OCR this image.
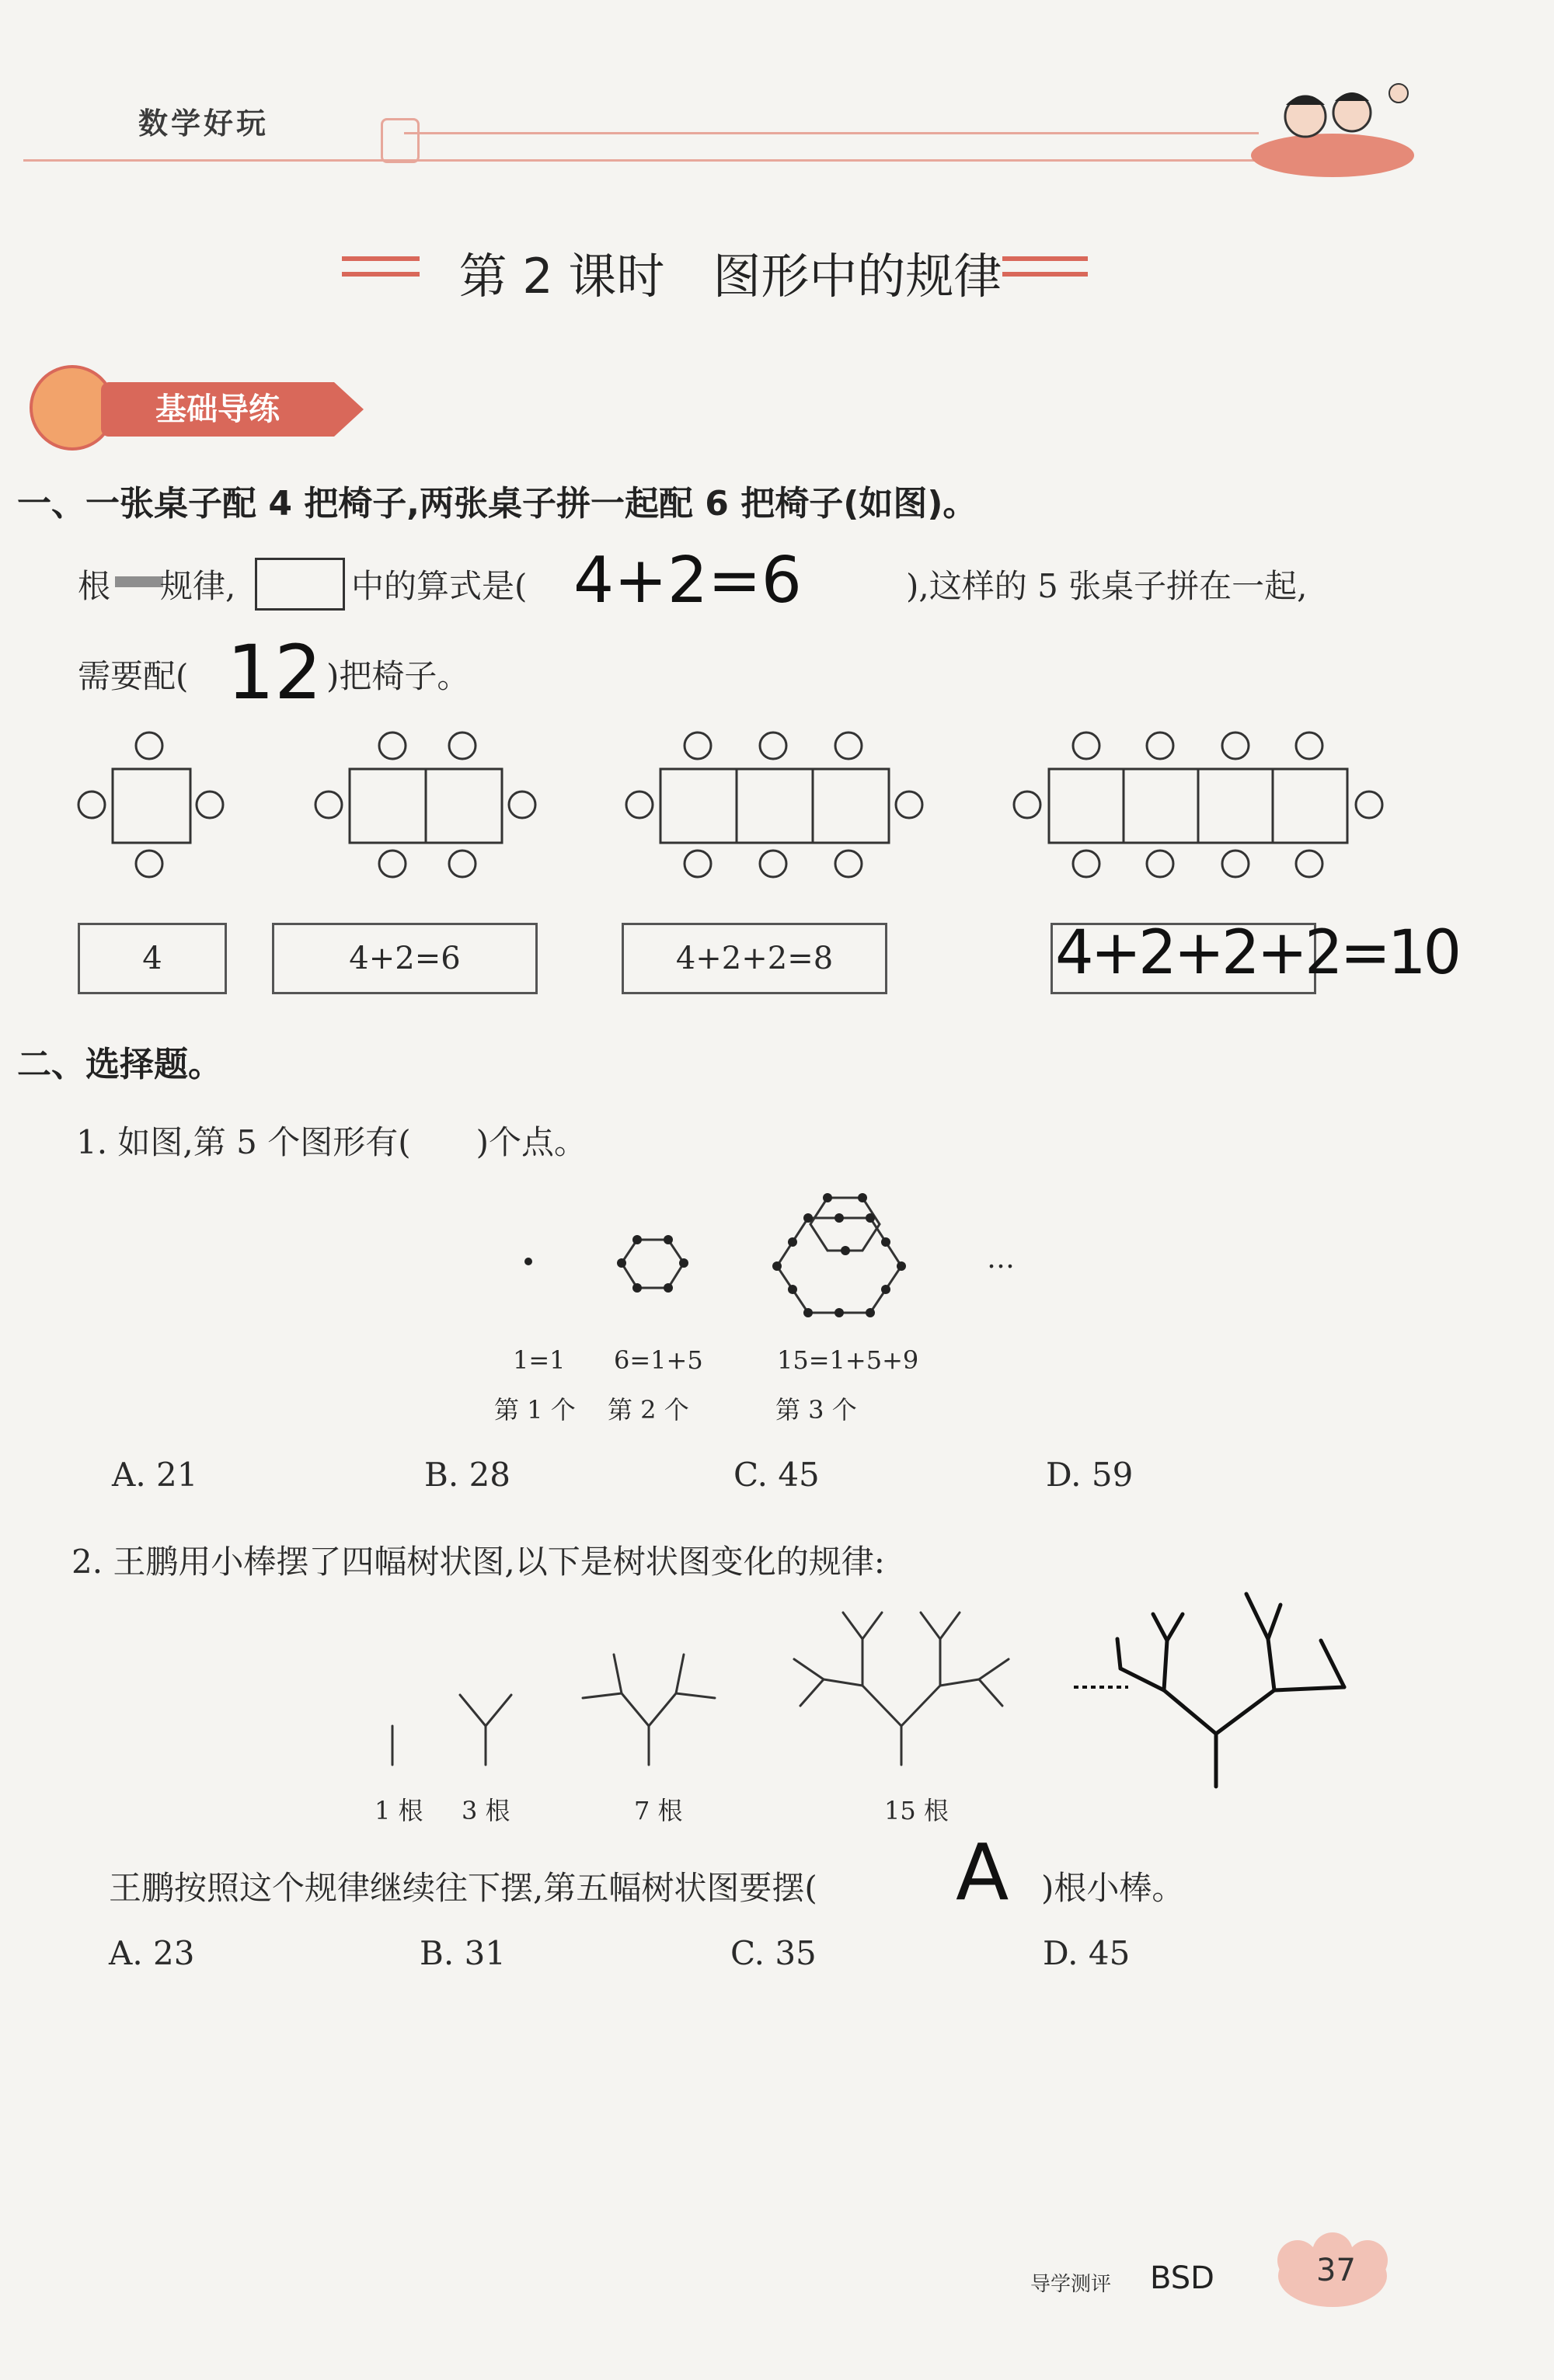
数学好玩
第 2 课时　图形中的规律
基础导练
一、一张桌子配 4 把椅子,两张桌子拼一起配 6 把椅子(如图)。
根 规律,	中的算式是( 4+2=6	),这样的 5 张桌子拼在一起,
需要配( 12 )把椅子。
4	4+2=6	4+2+2=8	4+2+2+2=10
二、选择题。
1. 如图,第 5 个图形有(　　)个点。
…
1=1 6=1+5	15=1+5+9
第 1 个 第 2 个	第 3 个
A. 21	B. 28	C. 45	D. 59
2. 王鹏用小棒摆了四幅树状图,以下是树状图变化的规律:
1 根 3 根	7 根	15 根
王鹏按照这个规律继续往下摆,第五幅树状图要摆( A )根小棒。
A. 23	B. 31	C. 35	D. 45
导学测评 BSD	37
